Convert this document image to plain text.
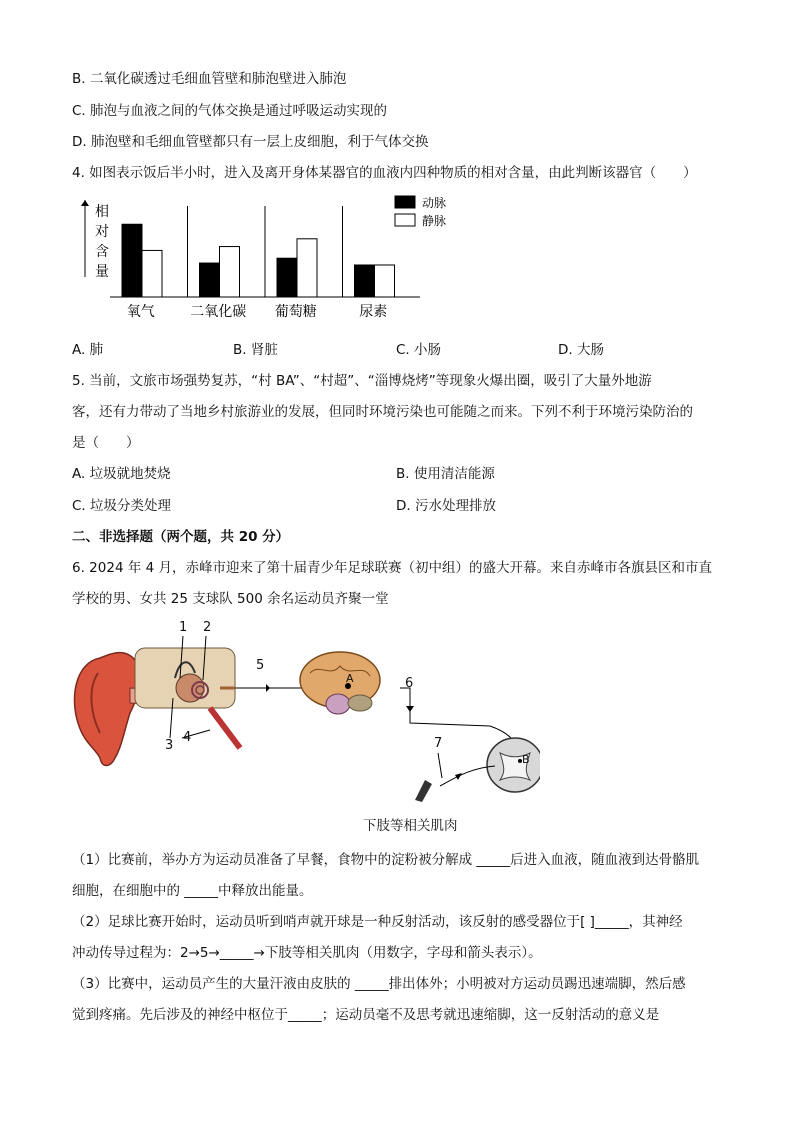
B. 二氧化碳透过毛细血管壁和肺泡壁进入肺泡
C. 肺泡与血液之间的气体交换是通过呼吸运动实现的
D. 肺泡壁和毛细血管壁都只有一层上皮细胞，利于气体交换
4. 如图表示饭后半小时，进入及离开身体某器官的血液内四种物质的相对含量，由此判断该器官（　　）
相
对
含
量
氧气	二氧化碳 葡萄糖	尿素
动脉
静脉
A. 肺	B. 肾脏	C. 小肠	D. 大肠
5. 当前，文旅市场强势复苏，“村 BA”、“村超”、“淄博烧烤”等现象火爆出圈，吸引了大量外地游
客，还有力带动了当地乡村旅游业的发展，但同时环境污染也可能随之而来。下列不利于环境污染防治的
是（　　）
A. 垃圾就地焚烧	B. 使用清洁能源
C. 垃圾分类处理	D. 污水处理排放
二、非选择题（两个题，共 20 分）
6. 2024 年 4 月，赤峰市迎来了第十届青少年足球联赛（初中组）的盛大开幕。来自赤峰市各旗县区和市直
学校的男、女共 25 支球队 500 余名运动员齐聚一堂
1 2
3
4
5
6
7
A
B
下肢等相关肌肉
（1）比赛前，举办方为运动员准备了早餐，食物中的淀粉被分解成 _____后进入血液，随血液到达骨骼肌
细胞，在细胞中的 _____中释放出能量。
（2）足球比赛开始时，运动员听到哨声就开球是一种反射活动，该反射的感受器位于[ ]_____，其神经
冲动传导过程为：2→5→_____→下肢等相关肌肉（用数字，字母和箭头表示）。
（3）比赛中，运动员产生的大量汗液由皮肤的 _____排出体外；小明被对方运动员踢迅速端脚，然后感
觉到疼痛。先后涉及的神经中枢位于_____；运动员毫不及思考就迅速缩脚，这一反射活动的意义是
